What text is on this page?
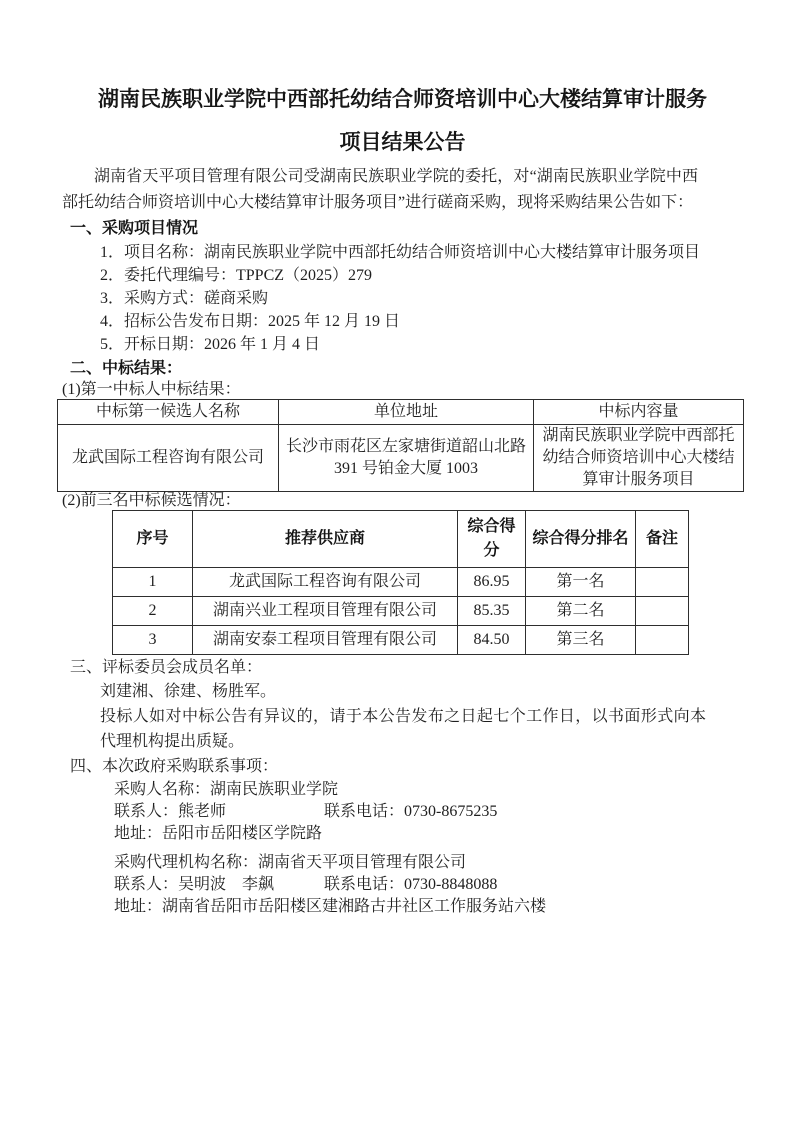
湖南民族职业学院中西部托幼结合师资培训中心大楼结算审计服务
项目结果公告

湖南省天平项目管理有限公司受湖南民族职业学院的委托，对“湖南民族职业学院中西部托幼结合师资培训中心大楼结算审计服务项目”进行磋商采购，现将采购结果公告如下：

一、采购项目情况
1．项目名称：湖南民族职业学院中西部托幼结合师资培训中心大楼结算审计服务项目
2．委托代理编号：TPPCZ（2025）279
3．采购方式：磋商采购
4．招标公告发布日期：2025 年 12 月 19 日
5．开标日期：2026 年 1 月 4 日
二、中标结果：
(1)第一中标人中标结果：
中标第一候选人名称	单位地址	中标内容量
龙武国际工程咨询有限公司	长沙市雨花区左家塘街道韶山北路 391 号铂金大厦 1003	湖南民族职业学院中西部托幼结合师资培训中心大楼结算审计服务项目
(2)前三名中标候选情况：
序号	推荐供应商	综合得分	综合得分排名	备注
1	龙武国际工程咨询有限公司	86.95	第一名	
2	湖南兴业工程项目管理有限公司	85.35	第二名	
3	湖南安泰工程项目管理有限公司	84.50	第三名	
三、评标委员会成员名单：
刘建湘、徐建、杨胜军。
投标人如对中标公告有异议的，请于本公告发布之日起七个工作日，以书面形式向本代理机构提出质疑。
四、本次政府采购联系事项：
采购人名称：湖南民族职业学院
联系人：熊老师	联系电话：0730-8675235
地址：岳阳市岳阳楼区学院路
采购代理机构名称：湖南省天平项目管理有限公司
联系人：吴明波　李飙	联系电话：0730-8848088
地址：湖南省岳阳市岳阳楼区建湘路古井社区工作服务站六楼
